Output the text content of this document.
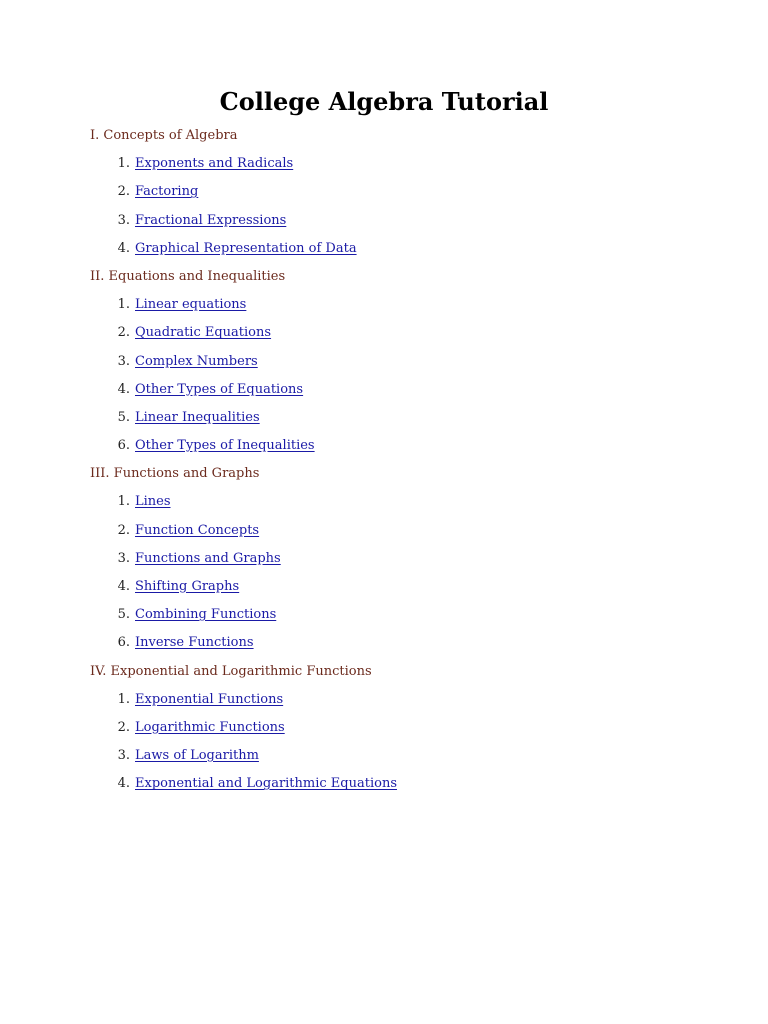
College Algebra Tutorial
I. Concepts of Algebra
1. Exponents and Radicals
2. Factoring
3. Fractional Expressions
4. Graphical Representation of Data
II. Equations and Inequalities
1. Linear equations
2. Quadratic Equations
3. Complex Numbers
4. Other Types of Equations
5. Linear Inequalities
6. Other Types of Inequalities
III. Functions and Graphs
1. Lines
2. Function Concepts
3. Functions and Graphs
4. Shifting Graphs
5. Combining Functions
6. Inverse Functions
IV. Exponential and Logarithmic Functions
1. Exponential Functions
2. Logarithmic Functions
3. Laws of Logarithm
4. Exponential and Logarithmic Equations
